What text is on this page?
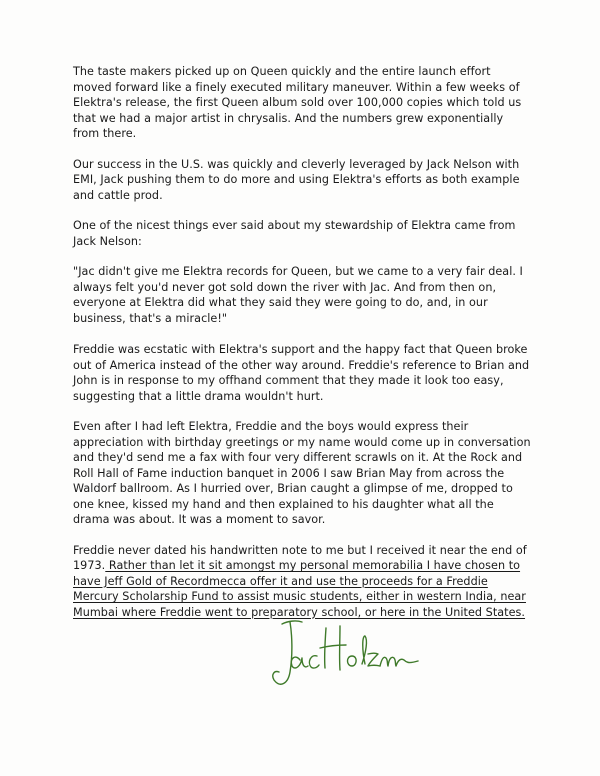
The taste makers picked up on Queen quickly and the entire launch effort moved forward like a finely executed military maneuver. Within a few weeks of Elektra's release, the first Queen album sold over 100,000 copies which told us that we had a major artist in chrysalis. And the numbers grew exponentially from there.

Our success in the U.S. was quickly and cleverly leveraged by Jack Nelson with EMI, Jack pushing them to do more and using Elektra's efforts as both example and cattle prod.

One of the nicest things ever said about my stewardship of Elektra came from Jack Nelson:

"Jac didn't give me Elektra records for Queen, but we came to a very fair deal. I always felt you'd never got sold down the river with Jac. And from then on, everyone at Elektra did what they said they were going to do, and, in our business, that's a miracle!"

Freddie was ecstatic with Elektra's support and the happy fact that Queen broke out of America instead of the other way around. Freddie's reference to Brian and John is in response to my offhand comment that they made it look too easy, suggesting that a little drama wouldn't hurt.

Even after I had left Elektra, Freddie and the boys would express their appreciation with birthday greetings or my name would come up in conversation and they'd send me a fax with four very different scrawls on it. At the Rock and Roll Hall of Fame induction banquet in 2006 I saw Brian May from across the Waldorf ballroom. As I hurried over, Brian caught a glimpse of me, dropped to one knee, kissed my hand and then explained to his daughter what all the drama was about. It was a moment to savor.

Freddie never dated his handwritten note to me but I received it near the end of 1973. Rather than let it sit amongst my personal memorabilia I have chosen to have Jeff Gold of Recordmecca offer it and use the proceeds for a Freddie Mercury Scholarship Fund to assist music students, either in western India, near Mumbai where Freddie went to preparatory school, or here in the United States.
